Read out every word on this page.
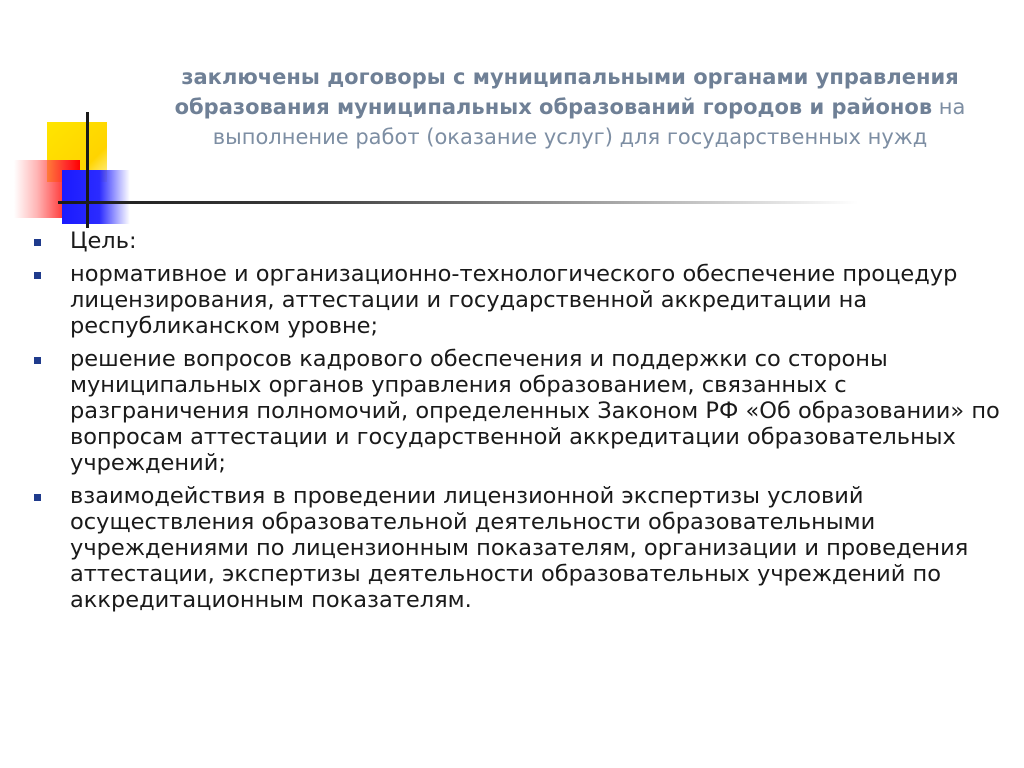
заключены договоры с муниципальными органами управления образования муниципальных образований городов и районов на выполнение работ (оказание услуг) для государственных нужд
Цель:
нормативное и организационно-технологического обеспечение процедур лицензирования, аттестации и государственной аккредитации на республиканском уровне;
решение вопросов кадрового обеспечения и поддержки со стороны муниципальных органов управления образованием, связанных с разграничения полномочий, определенных Законом РФ «Об образовании» по вопросам аттестации и государственной аккредитации образовательных учреждений;
взаимодействия в проведении лицензионной экспертизы условий осуществления образовательной деятельности образовательными учреждениями по лицензионным показателям, организации и проведения аттестации, экспертизы деятельности образовательных учреждений по аккредитационным показателям.
